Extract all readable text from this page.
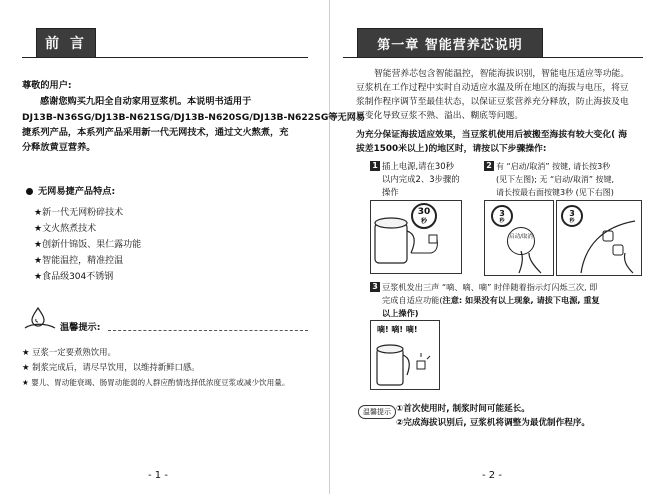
前 言
尊敬的用户:
感谢您购买九阳全自动家用豆浆机。本说明书适用于
DJ13B-N36SG/DJ13B-N621SG/DJ13B-N620SG/DJ13B-N622SG等无网易
捷系列产品，本系列产品采用新一代无网技术，通过文火熬煮，充
分释放黄豆营养。
无网易捷产品特点:
★新一代无网粉碎技术
★文火熬煮技术
★创新什锦饭、果仁露功能
★智能温控，精准控温
★食品级304不锈钢
温馨提示:
★ 豆浆一定要煮熟饮用。
★ 制浆完成后，请尽早饮用，以维持新鲜口感。
★ 婴儿、胃动能衰竭、肠胃动能弱的人群应酌情选择低浓度豆浆或减少饮用量。
- 1 -
第一章 智能营养芯说明
智能营养芯包含智能温控，智能海拔识别，智能电压适应等功能。
豆浆机在工作过程中实时自动适应水温及所在地区的海拔与电压，将豆
浆制作程序调节至最佳状态，以保证豆浆营养充分释放，防止海拔及电
压变化导致豆浆不熟、溢出、糊底等问题。
为充分保证海拔适应效果，当豆浆机使用后被搬至海拔有较大变化( 海
拔差1500米以上)的地区时，请按以下步骤操作:
1 插上电源,请在30秒
以内完成2、3步骤的
操作
30
秒
2 有 “启动/取消” 按键, 请长按3秒
(见下左图); 无 “启动/取消” 按键,
请长按最右面按键3秒 (见下右图)
3
秒
启动/取消
3
秒
3 豆浆机发出三声 “嘀、嘀、嘀” 时伴随着指示灯闪烁三次, 即
完成自适应功能(注意: 如果没有以上现象, 请拔下电源, 重复
以上操作)
嘀! 嘀! 嘀!
温馨提示 ①首次使用时, 制浆时间可能延长。
②完成海拔识别后, 豆浆机将调整为最优制作程序。
- 2 -
